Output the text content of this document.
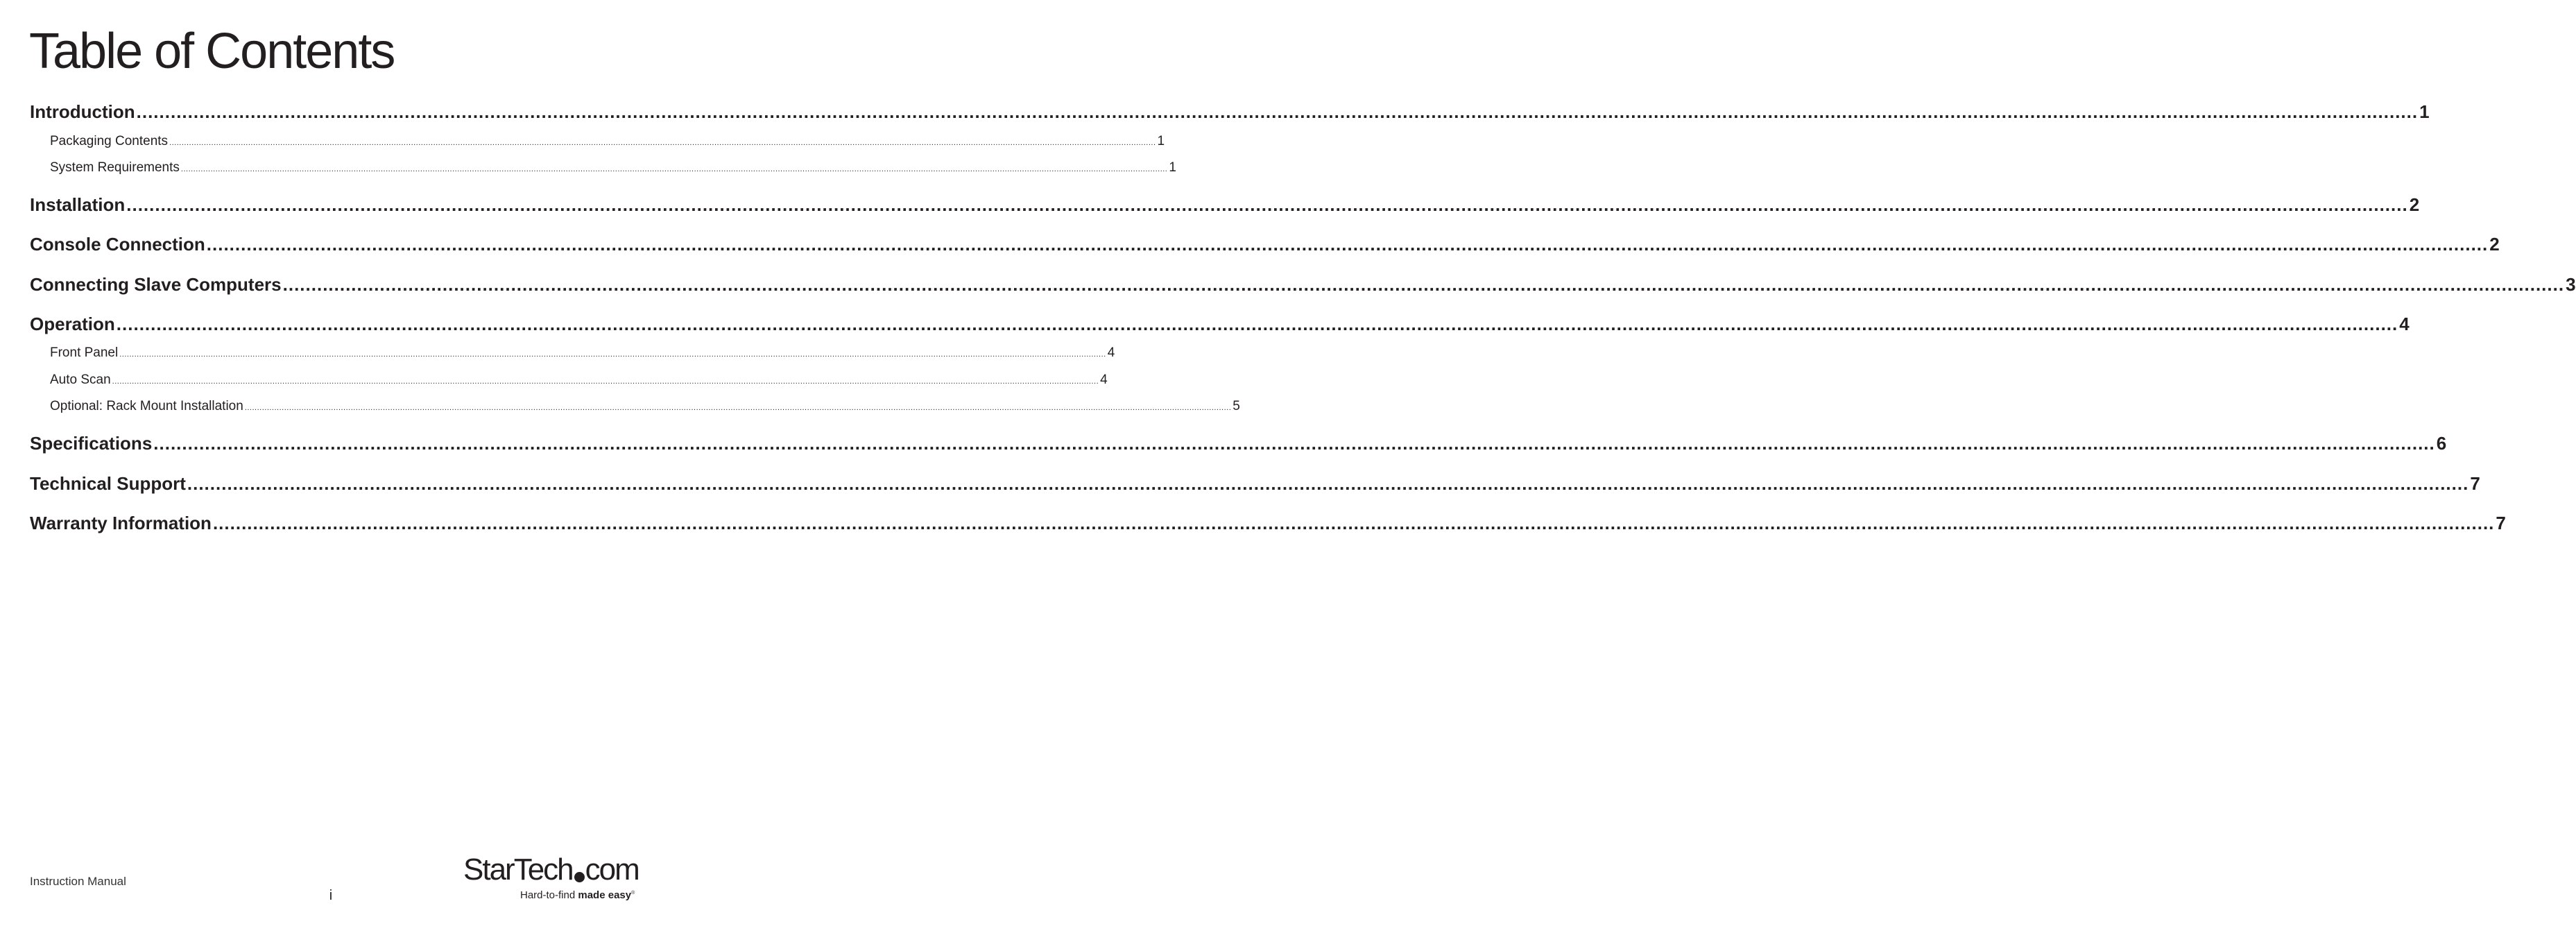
Table of Contents
Introduction ................................................................................................................................................................................................................................................................................................................................................................................................................ 1
Packaging Contents ................................................................................................................................................................................................................................................................................................................................................................................................................ 1
System Requirements ................................................................................................................................................................................................................................................................................................................................................................................................................ 1
Installation ................................................................................................................................................................................................................................................................................................................................................................................................................ 2
Console Connection ................................................................................................................................................................................................................................................................................................................................................................................................................ 2
Connecting Slave Computers ................................................................................................................................................................................................................................................................................................................................................................................................................ 3
Operation ................................................................................................................................................................................................................................................................................................................................................................................................................ 4
Front Panel ................................................................................................................................................................................................................................................................................................................................................................................................................ 4
Auto Scan ................................................................................................................................................................................................................................................................................................................................................................................................................ 4
Optional: Rack Mount Installation ................................................................................................................................................................................................................................................................................................................................................................................................................ 5
Specifications ................................................................................................................................................................................................................................................................................................................................................................................................................ 6
Technical Support ................................................................................................................................................................................................................................................................................................................................................................................................................ 7
Warranty Information ................................................................................................................................................................................................................................................................................................................................................................................................................ 7
Instruction Manual
i
StarTech com
Hard-to-find made easy®
